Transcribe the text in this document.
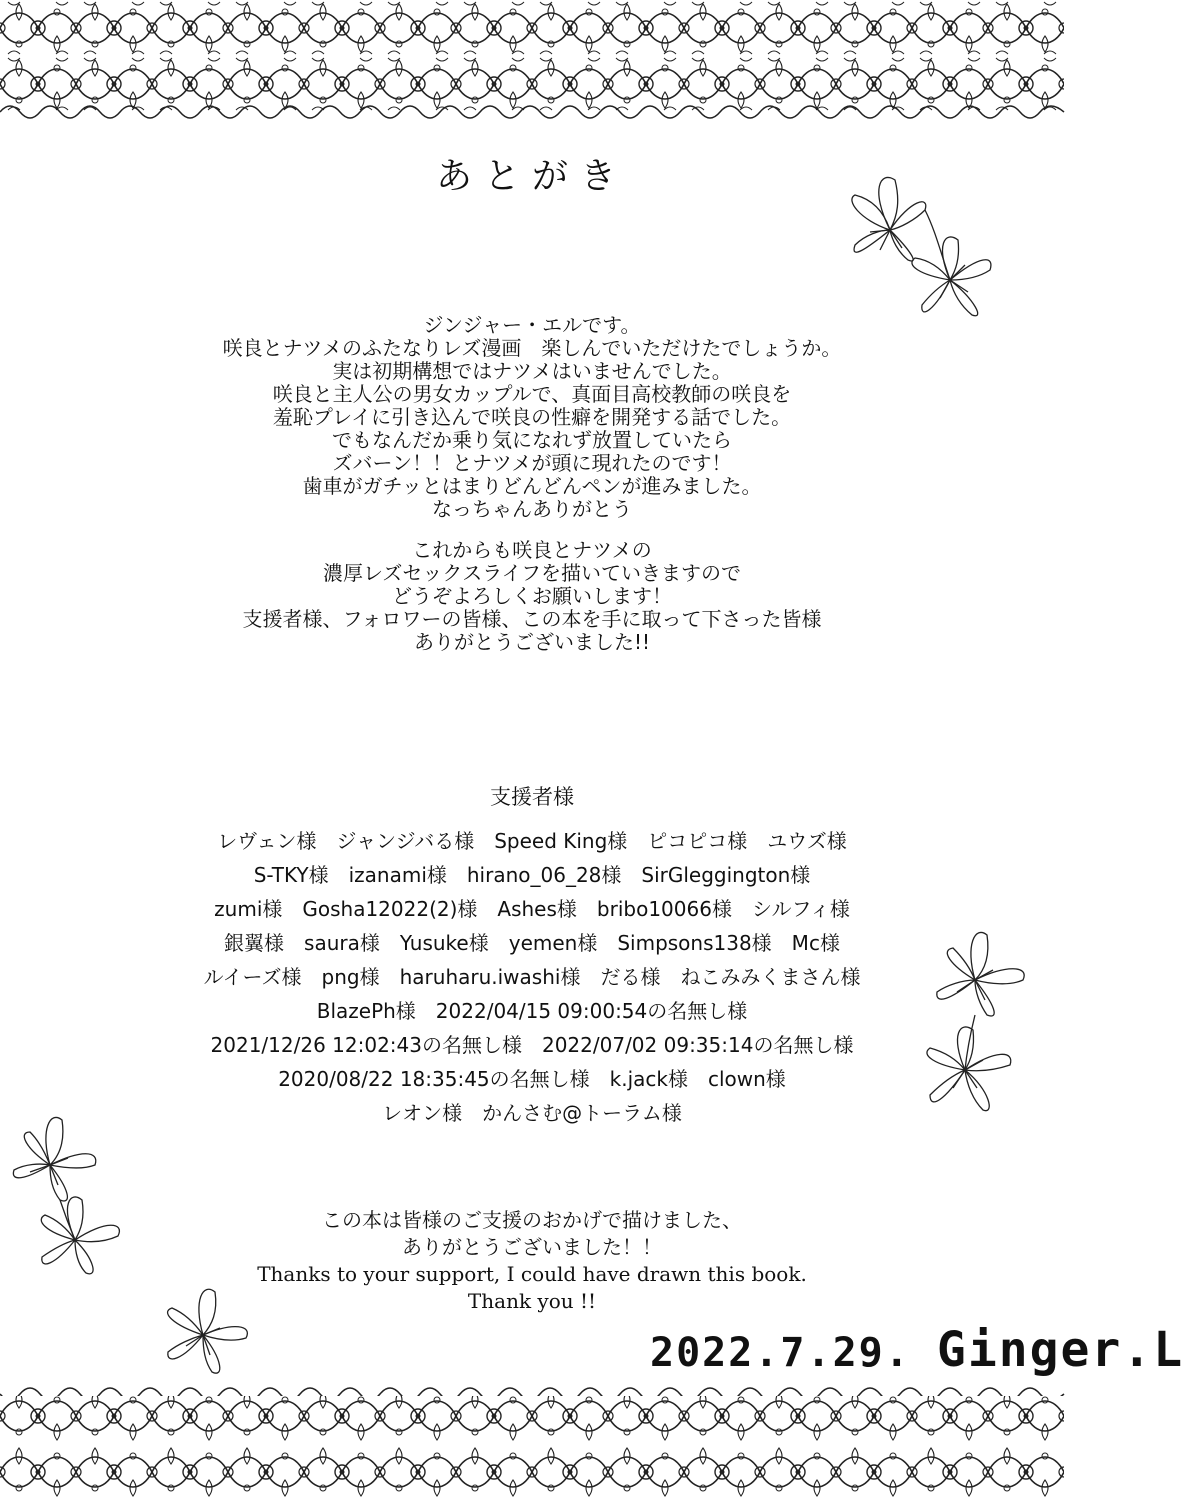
あとがき
ジンジャー・エルです。
咲良とナツメのふたなりレズ漫画　楽しんでいただけたでしょうか。
実は初期構想ではナツメはいませんでした。
咲良と主人公の男女カップルで、真面目高校教師の咲良を
羞恥プレイに引き込んで咲良の性癖を開発する話でした。
でもなんだか乗り気になれず放置していたら
ズバーン！！とナツメが頭に現れたのです！
歯車がガチッとはまりどんどんペンが進みました。
なっちゃんありがとう
これからも咲良とナツメの
濃厚レズセックスライフを描いていきますので
どうぞよろしくお願いします！
支援者様、フォロワーの皆様、この本を手に取って下さった皆様
ありがとうございました!!
支援者様
レヴェン様　ジャンジバる様　Speed King様　ピコピコ様　ユウズ様
S-TKY様　izanami様　hirano_06_28様　SirGleggington様
zumi様　Gosha12022(2)様　Ashes様　bribo10066様　シルフィ様
銀翼様　saura様　Yusuke様　yemen様　Simpsons138様　Mc様
ルイーズ様　png様　haruharu.iwashi様　だる様　ねこみみくまさん様
BlazePh様　2022/04/15 09:00:54の名無し様
2021/12/26 12:02:43の名無し様　2022/07/02 09:35:14の名無し様
2020/08/22 18:35:45の名無し様　k.jack様　clown様
レオン様　かんさむ@トーラム様
この本は皆様のご支援のおかげで描けました、
ありがとうございました！！
Thanks to your support, I could have drawn this book.
Thank you !!
2022.7.29. Ginger.L
